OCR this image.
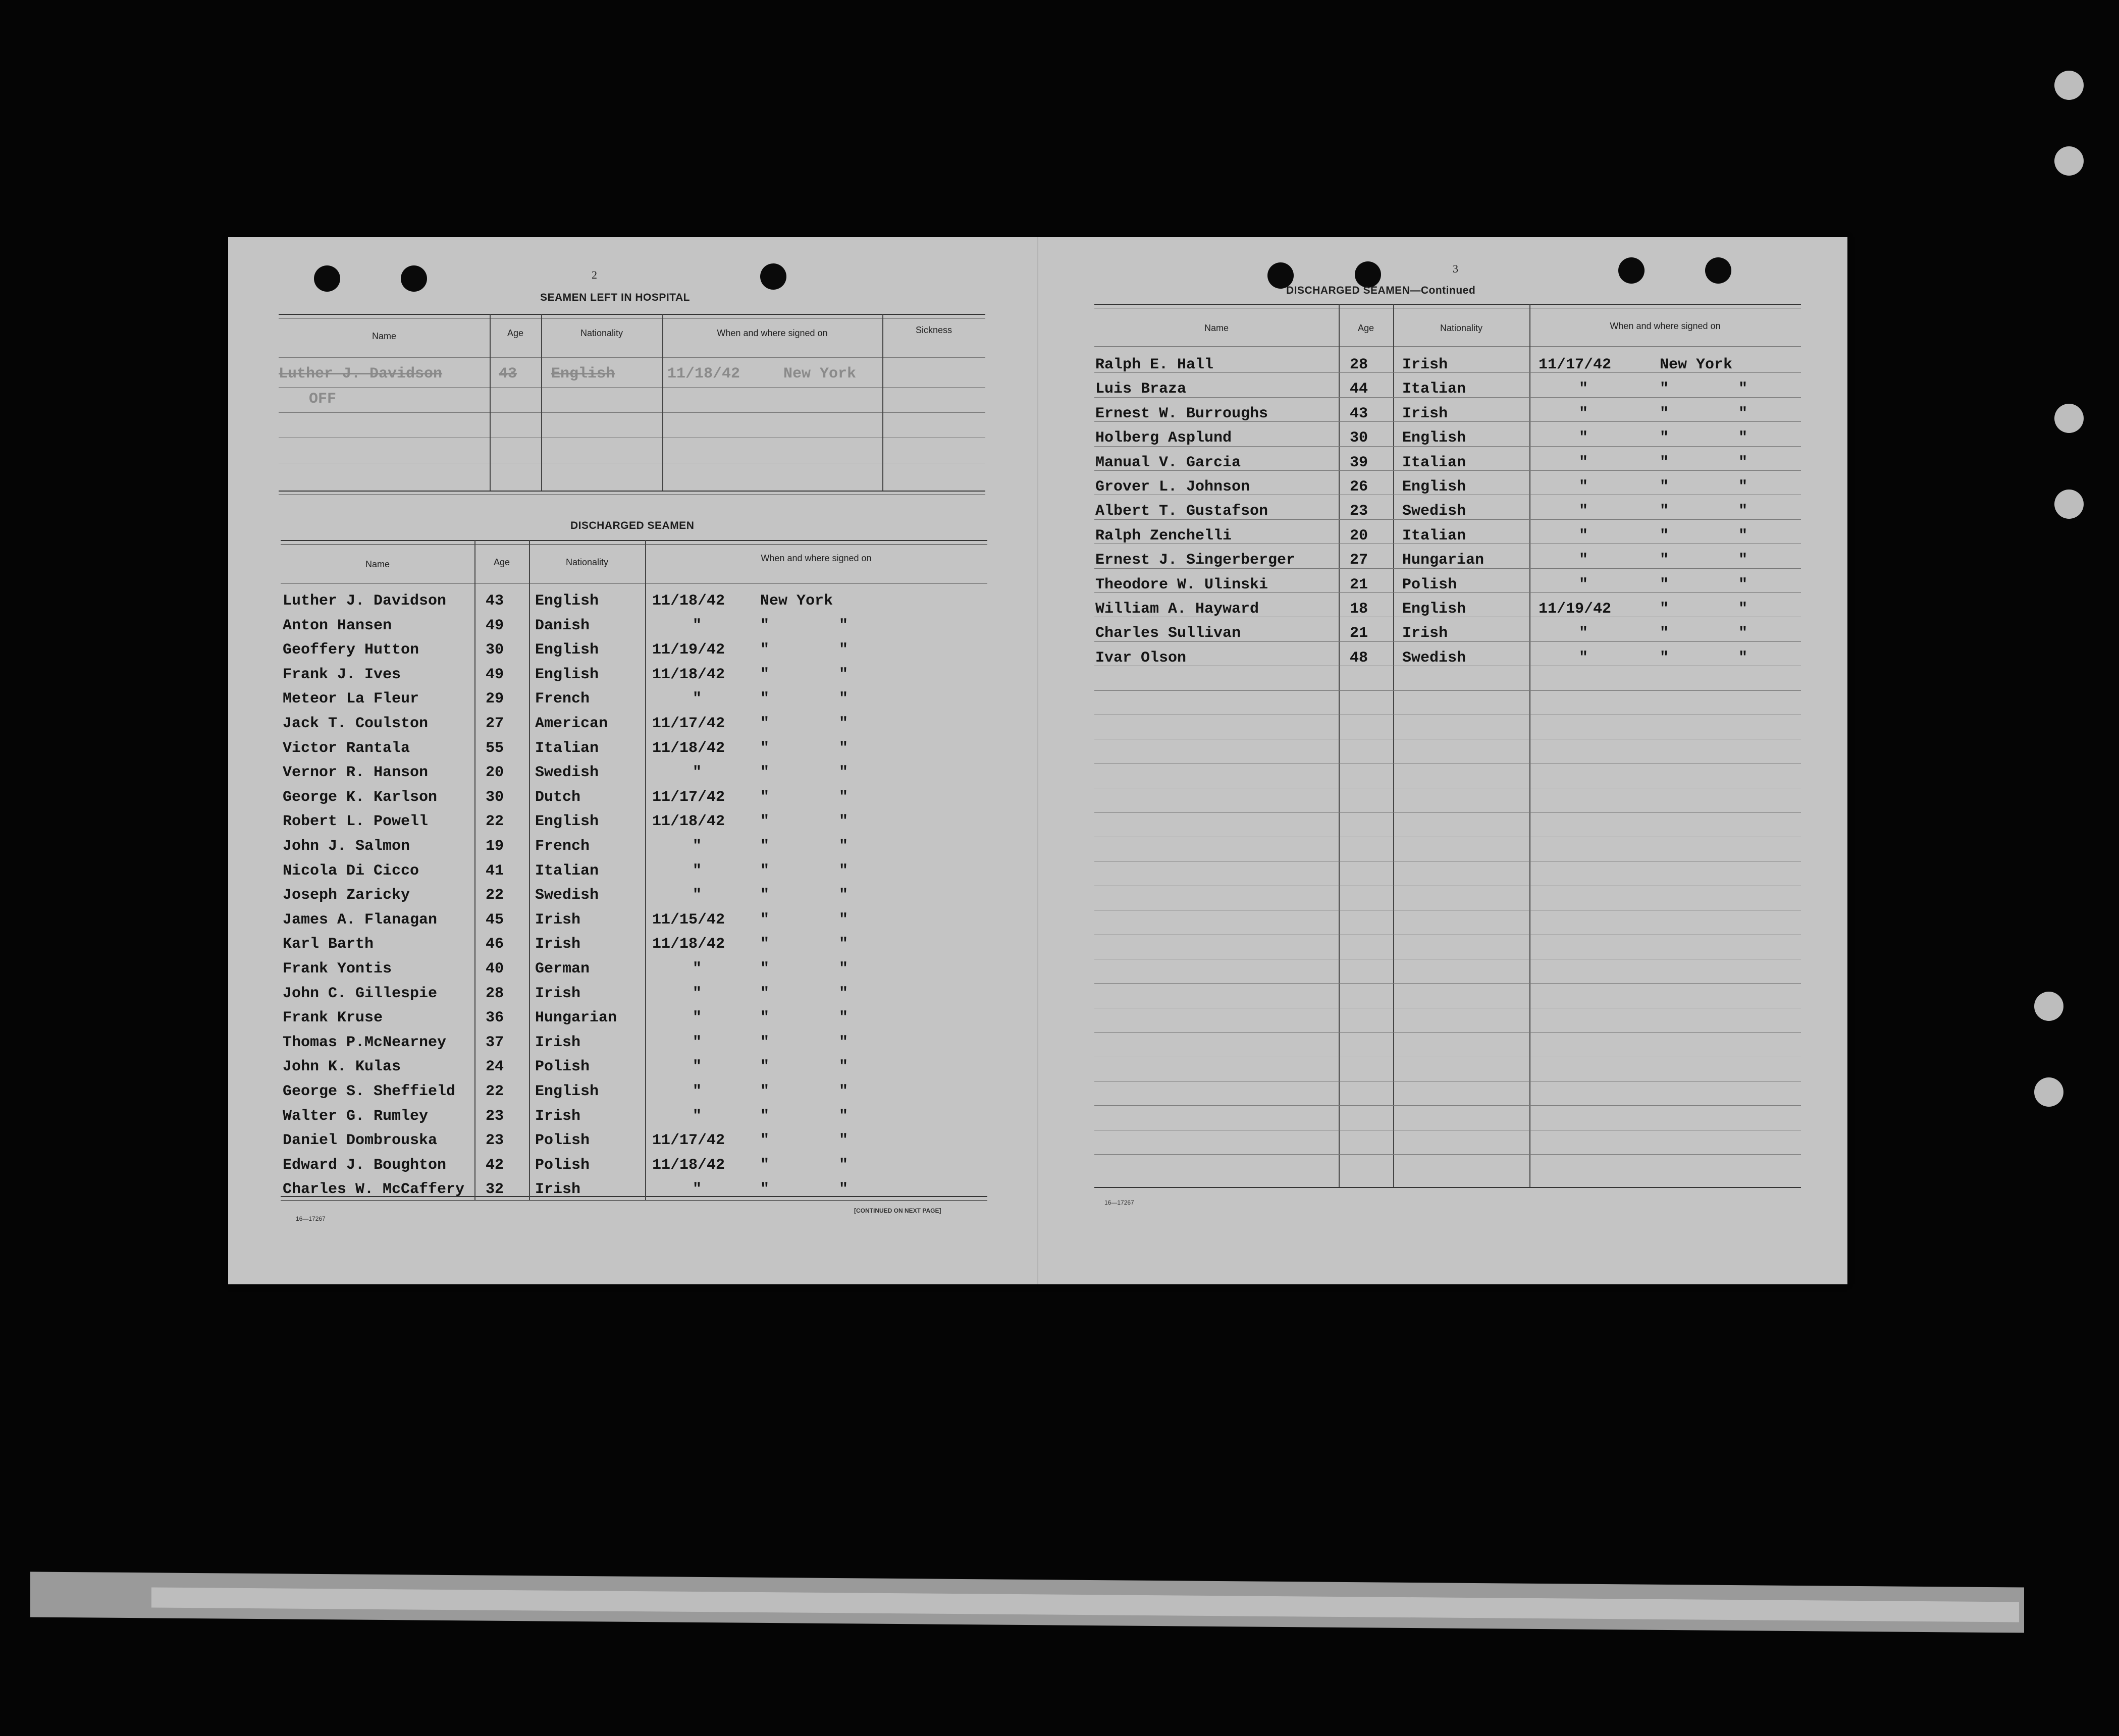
2
SEAMEN LEFT IN HOSPITAL
Name	Age	Nationality	When and where signed on	Sickness
Luther J. Davidson	43 English	11/18/42	New York
OFF
DISCHARGED SEAMEN
Name	Age	Nationality	When and where signed on
Luther J. Davidson	43 English	11/18/42 New York
Anton Hansen	49 Danish	"	" "
Geoffery Hutton	30 English	11/19/42 " "
Frank J. Ives	49 English	11/18/42 " "
Meteor La Fleur	29 French	"	" "
Jack T. Coulston	27 American	11/17/42 " "
Victor Rantala	55 Italian	11/18/42 " "
Vernor R. Hanson	20 Swedish	"	" "
George K. Karlson	30 Dutch	11/17/42 " "
Robert L. Powell	22 English	11/18/42 " "
John J. Salmon	19 French	"	" "
Nicola Di Cicco	41 Italian	"	" "
Joseph Zaricky	22 Swedish	"	" "
James A. Flanagan	45 Irish	11/15/42 " "
Karl Barth	46 Irish	11/18/42 " "
Frank Yontis	40 German	"	" "
John C. Gillespie	28 Irish	"	" "
Frank Kruse	36 Hungarian	"	" "
Thomas P.McNearney	37 Irish	"	" "
John K. Kulas	24 Polish	"	" "
George S. Sheffield 22 English	"	" "
Walter G. Rumley	23 Irish	"	" "
Daniel Dombrouska	23 Polish	11/17/42 " "
Edward J. Boughton	42 Polish	11/18/42 " "
Charles W. McCaffery 32 Irish	"	" "
16—17267
[CONTINUED ON NEXT PAGE]
3
DISCHARGED SEAMEN—Continued
Name	Age	Nationality	When and where signed on
Ralph E. Hall	28 Irish	11/17/42	New York
Luis Braza	44 Italian	"	" "
Ernest W. Burroughs	43 Irish	"	" "
Holberg Asplund	30 English	"	" "
Manual V. Garcia	39 Italian	"	" "
Grover L. Johnson	26 English	"	" "
Albert T. Gustafson	23 Swedish	"	" "
Ralph Zenchelli	20 Italian	"	" "
Ernest J. Singerberger	27 Hungarian	"	" "
Theodore W. Ulinski	21 Polish	"	" "
William A. Hayward	18 English	11/19/42	" "
Charles Sullivan	21 Irish	"	" "
Ivar Olson	48 Swedish	"	" "
16—17267
